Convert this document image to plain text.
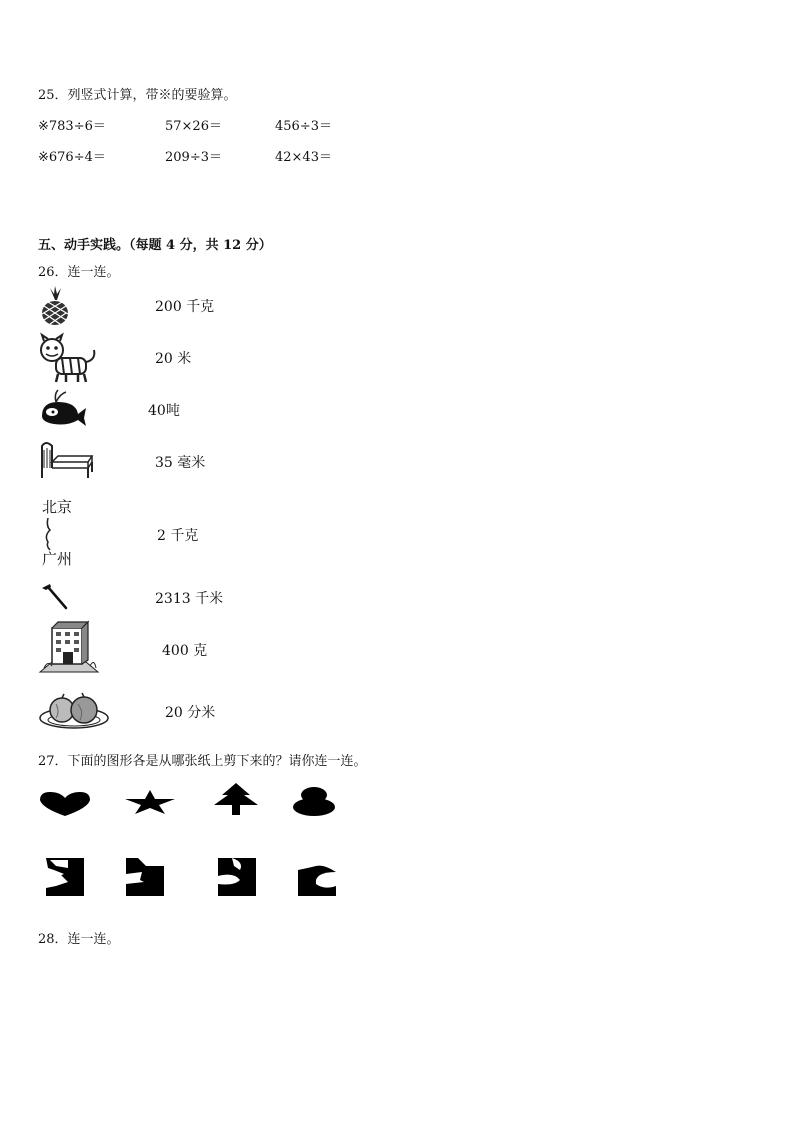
25．列竖式计算，带※的要验算。
※783÷6＝	57×26＝	456÷3＝
※676÷4＝	209÷3＝	42×43＝
五、动手实践。（每题 4 分，共 12 分）
26．连一连。
200 千克
20 米
40吨
35 毫米
北京
广州
2 千克
2313 千米
400 克
20 分米
27．下面的图形各是从哪张纸上剪下来的？请你连一连。
28．连一连。
